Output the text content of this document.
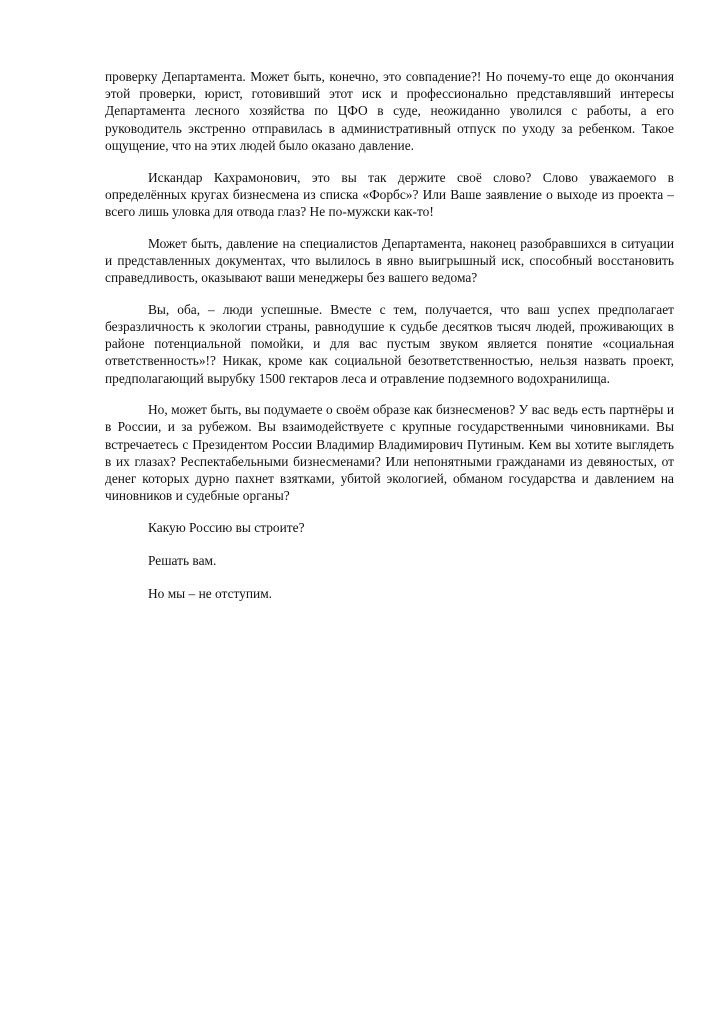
проверку Департамента. Может быть, конечно, это совпадение?! Но почему-то еще до окончания этой проверки, юрист, готовивший этот иск и профессионально представлявший интересы Департамента лесного хозяйства по ЦФО в суде, неожиданно уволился с работы, а его руководитель экстренно отправилась в административный отпуск по уходу за ребенком. Такое ощущение, что на этих людей было оказано давление.

Искандар Кахрамонович, это вы так держите своё слово? Слово уважаемого в определённых кругах бизнесмена из списка «Форбс»? Или Ваше заявление о выходе из проекта – всего лишь уловка для отвода глаз? Не по-мужски как-то!

Может быть, давление на специалистов Департамента, наконец разобравшихся в ситуации и представленных документах, что вылилось в явно выигрышный иск, способный восстановить справедливость, оказывают ваши менеджеры без вашего ведома?

Вы, оба, – люди успешные. Вместе с тем, получается, что ваш успех предполагает безразличность к экологии страны, равнодушие к судьбе десятков тысяч людей, проживающих в районе потенциальной помойки, и для вас пустым звуком является понятие «социальная ответственность»!? Никак, кроме как социальной безответственностью, нельзя назвать проект, предполагающий вырубку 1500 гектаров леса и отравление подземного водохранилища.

Но, может быть, вы подумаете о своём образе как бизнесменов? У вас ведь есть партнёры и в России, и за рубежом. Вы взаимодействуете с крупные государственными чиновниками. Вы встречаетесь с Президентом России Владимир Владимирович Путиным. Кем вы хотите выглядеть в их глазах? Респектабельными бизнесменами? Или непонятными гражданами из девяностых, от денег которых дурно пахнет взятками, убитой экологией, обманом государства и давлением на чиновников и судебные органы?

Какую Россию вы строите?

Решать вам.

Но мы – не отступим.
